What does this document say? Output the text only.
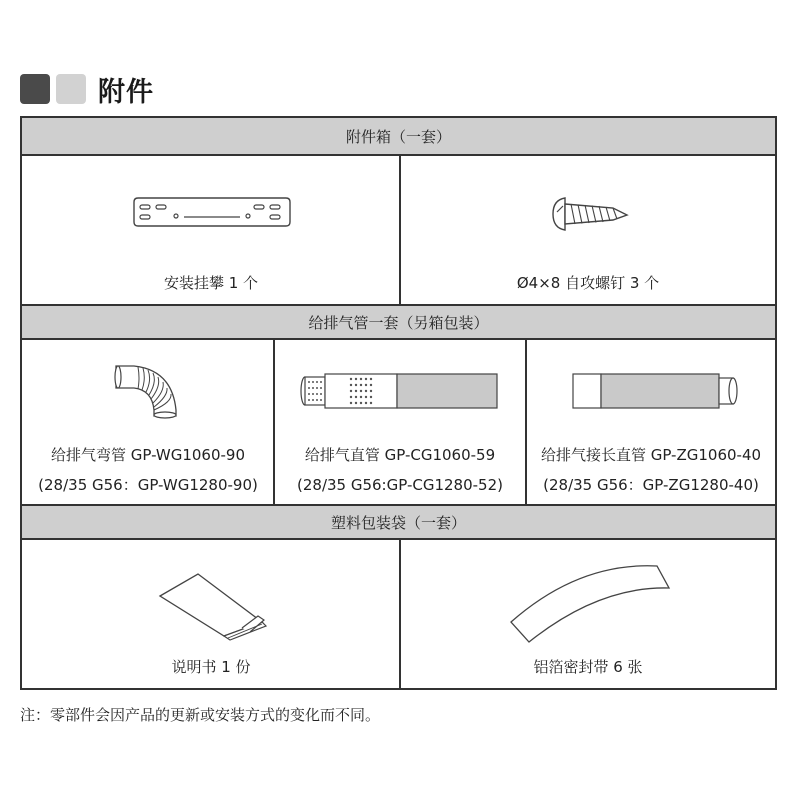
附件
附件箱（一套）
安装挂攀 1 个	Ø4×8 自攻螺钉 3 个
给排气管一套（另箱包装）
给排气弯管 GP-WG1060-90
(28/35 G56：GP-WG1280-90)
给排气直管 GP-CG1060-59
(28/35 G56:GP-CG1280-52)
给排气接长直管 GP-ZG1060-40
(28/35 G56：GP-ZG1280-40)
塑料包装袋（一套）
说明书 1 份	铝箔密封带 6 张
注：零部件会因产品的更新或安装方式的变化而不同。
